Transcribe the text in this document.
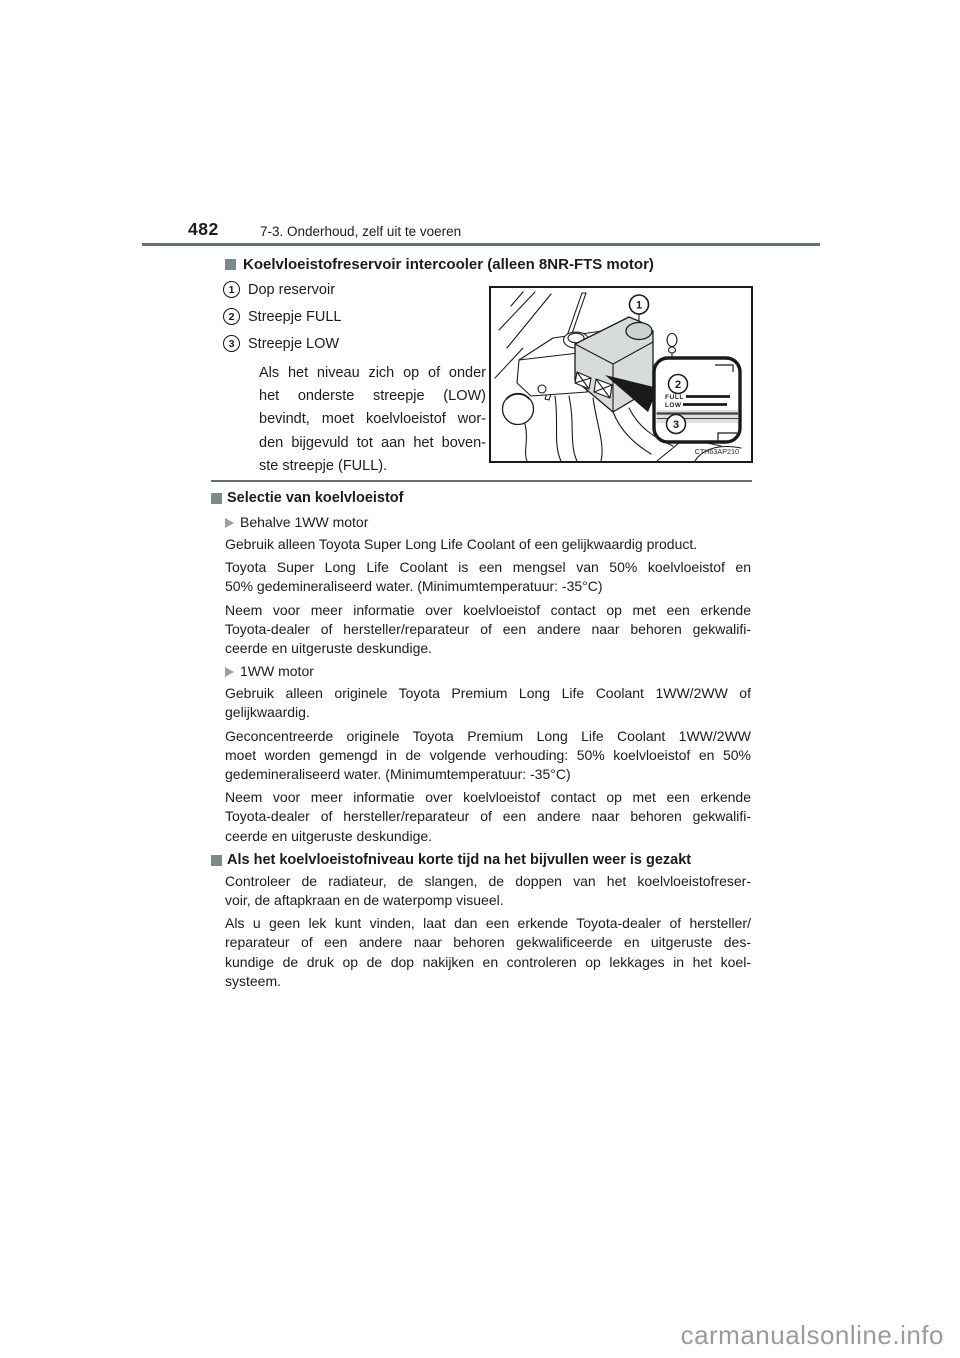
482	7-3. Onderhoud, zelf uit te voeren
Koelvloeistofreservoir intercooler (alleen 8NR-FTS motor)
1 Dop reservoir
2 Streepje FULL
3 Streepje LOW
Als het niveau zich op of onder
het onderste streepje (LOW)
bevindt, moet koelvloeistof wor-
den bijgevuld tot aan het boven-
ste streepje (FULL).
FULL
LOW
1
2
3
CTH63AP210
Selectie van koelvloeistof
Behalve 1WW motor
Gebruik alleen Toyota Super Long Life Coolant of een gelijkwaardig product.
Toyota Super Long Life Coolant is een mengsel van 50% koelvloeistof en
50% gedemineraliseerd water. (Minimumtemperatuur: -35°C)
Neem voor meer informatie over koelvloeistof contact op met een erkende
Toyota-dealer of hersteller/reparateur of een andere naar behoren gekwalifi-
ceerde en uitgeruste deskundige.
1WW motor
Gebruik alleen originele Toyota Premium Long Life Coolant 1WW/2WW of
gelijkwaardig.
Geconcentreerde originele Toyota Premium Long Life Coolant 1WW/2WW
moet worden gemengd in de volgende verhouding: 50% koelvloeistof en 50%
gedemineraliseerd water. (Minimumtemperatuur: -35°C)
Neem voor meer informatie over koelvloeistof contact op met een erkende
Toyota-dealer of hersteller/reparateur of een andere naar behoren gekwalifi-
ceerde en uitgeruste deskundige.
Als het koelvloeistofniveau korte tijd na het bijvullen weer is gezakt
Controleer de radiateur, de slangen, de doppen van het koelvloeistofreser-
voir, de aftapkraan en de waterpomp visueel.
Als u geen lek kunt vinden, laat dan een erkende Toyota-dealer of hersteller/
reparateur of een andere naar behoren gekwalificeerde en uitgeruste des-
kundige de druk op de dop nakijken en controleren op lekkages in het koel-
systeem.
carmanualsonline.info
